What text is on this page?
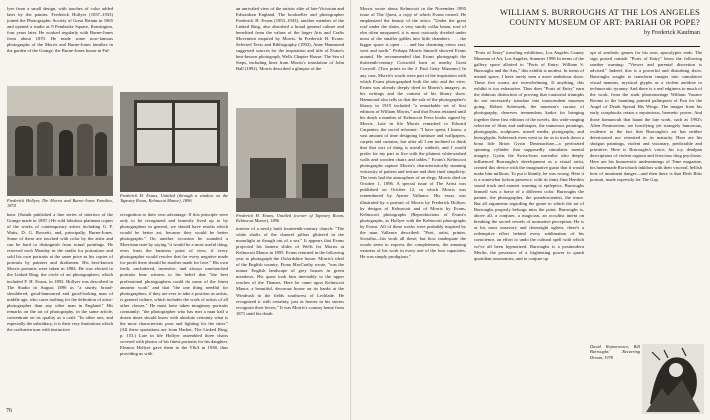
lyer from a small design, with touches of color added later by the painter. Frederick Hollyer (1837–1933) joined the Photographic Society of Great Britain in 1865 and opened a studio at 9 Pembroke Square, Kensington, four years later. He worked regularly with Burne-Jones from about 1870. He made some now-famous photographs of the Morris and Burne-Jones families in the garden of the Grange, the Burne-Jones house in Ful-

Frederick Hollyer, The Morris and Burne-Jones Families, 1874

ham. (Sutnik published a fine series of interiors of the Grange made in 1887.) He sold fabulous platinum copies of the works of contemporary artists including G. F. Watts, D. G. Rossetti, and, principally, Burne-Jones. Some of these are touched with color by the artist and can be hard to distinguish from actual paintings. He reserved each Monday in the studio for portraiture and sold his own portraits at the same price as his copies of portraits by painters and draftsmen. His best-known Morris portraits were taken in 1884. He was elected to the Linked Ring, the circle of art photographers, which included F. H. Evans, in 1892. Hollyer was described in The Studio in August 1896 as "a sturdy, broad-shouldered, good-humoured and good-looking man of middle age, who cares nothing for the definition of artist-photographer than any other man in England." His remarks on the art of photography, in the same article, concentrate on its quality as a craft: "In other arts, and especially the subsidiary, it is their very limitations which the craftsmen turn with instinctive

Frederick H. Evans, Untitled (through a window on the Tapestry Room, Kelmscott Manor), 1896

recognition to their own advantage. If this principle were only to be recognized and honestly lived up to by photographers in general, we should have results which would be better art, because they would be better photographs." On another occasion he sounded a Morrisian note by saying "it would be a most useful thing, even from the business point of view, if every photographer would resolve that for every negative made for profit there should be another made for love." His own fresh, uncluttered, inventive, and always unretouched portraits bear witness to his belief that "the best professional photographers could do some of the finest amateur work" and that "the one thing needful for photographers, if they are ever to take a position as artists, is general culture, which includes the work of artists of all other classes." He must have taken imaginary portraits constantly: "the photographer who has met a man half a dozen times should know with absolute certainty what is the most characteristic pose and lighting for the sitter." (All these quotations are from Harker, The Linked Ring, p. 153.) Late in life Hollyer assembled three chairs covered with photos of his finest portraits for his daughter. Eleanor Hollyer gave them to the V&A in 1938, thus providing us with

an unrivaled view of the artistic elite of late-Victorian and Edwardian England. The bookseller and photographer Frederick H. Evans (1853–1943), another member of the Linked Ring, also absorbed a broad general culture and benefited from the values of the larger Arts and Crafts Movement inspired by Morris. In Frederick H. Evans: Selected Texts and Bibliography (1992), Anne Hammond suggested sources for the inspiration and title of Evans's best-known photograph, Wells Chapter House: The Sea of Steps, including lines from Morris's translation of John Ball (1892). Morris described a glimpse of the

Frederick H. Evans, Untitled (corner of Tapestry Room, Kelmscott Manor), 1896

interior of a newly built fourteenth-century church: "The white shafts of the chancel pillars glittered in the moonlight as though out of a sea." It appears that Evans projected his lantern slides of Wells for Morris at Kelmscott Manor in 1895. Evans returned in the following year to photograph the Oxfordshire house. Morris's ideal of the English country, Fiona MacCarthy wrote, "was the manor English landscape of grey houses in green meadows. His quest took him inevitably to the upper reaches of the Thames. Here he came upon Kelmscott Manor, a beautiful, decorous house on its banks at the Windrush in the fields southwest of Lechlade. He recognized it with certainty, just as heroes in his stories recognize their lovers." It was Morris's country home from 1871 until his death.

76

Morris wrote about Kelmscott in the November 1895 issue of The Quest, a copy of which Evans owned. He emphasized the beauty of the attics: "Under the great roof under the slates, a very sturdy collar beam, roof of elm often unsquared, it is most curiously divided under most of the smaller gables into little chambers . . . the bigger space is open . . . and has charming views east, west and north." Perhaps Morris himself showed Evans around. He recommended that Evans photograph the thirteenth-century Cotswold barn at nearby Great Coxwell. (Two prints in the J. Paul Getty Museum.) In any case, Morris's words were part of the inspiration with which Evans photographed both the attic and the view. Evans was already deeply dyed in Morris's imagery, as his writings and the content of his library show. Hammond also tells us that the sale of the photographer's library in 1919 included "a remarkable set of first editions of William Morris," and that Evans retained until his death a number of Kelmscott Press books signed by Morris. Late in life Morris remarked to Edward Carpenter, the social reformer: "I have spent, I know, a vast amount of time designing furniture and wallpapers, carpets and curtains; but after all I am inclined to think that that sort of thing is mostly rubbish, and I would prefer for my part to live with the plainest whitewashed walls and wooden chairs and tables." Evans's Kelmscott photographs capture Morris's characteristically stunning virtuosity of pattern and texture and their final simplicity. The texts had the atmosphere of an elegy. Morris died on October 1, 1896. A special issue of The Artist was published on October 12, in which Morris was remembered by Aymer Vallance. His essay was illustrated by a portrait of Morris by Frederick Hollyer, by designs of Kelmscott and of Morris by Evans, Kelmscott photographs (Reproductions of Evans's photographs, as Hollyer with the Kelmscott photographs by Evans. All of these works were probably inspired by the man Vallance described: "Poet, artist, printer, Socialist—his work all these; but how inadequate the words seem to express the completeness, the amazing vastness of his work in every one of the four capacities. He was simply prodigious."

WILLIAM S. BURROUGHS AT THE LOS ANGELES COUNTY MUSEUM OF ART: PARIAH OR POPE?
by Frederick Kaufman

"Ports of Entry" traveling exhibition, Los Angeles County Museum of Art, Los Angeles, Summer 1996 In terms of the gallery space allotted to "Ports of Entry: William S. Burroughs and the Arts," this exhibit is modest. In terms of mental space, I have rarely seen a more ambitious show. These five rooms are overwhelming. If anything, this exhibit is too exhaustive. Thus does "Ports of Entry" earn the dubious distinction of proving that curatorial triumphs do not necessarily translate into transcendent museum going. Robert Sobieszek, the museum's curator of photography, deserves tremendous kudos for bringing together these first editions of the novels, this wide-ranging selection of films and audiotapes, the numerous paintings, photographs, sculptures, mixed media, pictographs, and hieroglyphs. Sobieszek even went so far as to track down a bona fide Brion Gysin Dreamachine—a perforated spinning cylinder that supposedly stimulates mental imagery. Gysin, the Swiss-born surrealist who deeply influenced Burroughs's development as a visual artist, created this device with the imaginative gusto that it would make him millions. To put it bluntly, he was wrong. Here it is a somewhat forlorn presence, with its tinny Jimi Hendrix sound track and earnest warning to epileptics. Burroughs himself was a horse of a different color. Burroughs the painter, the photographer, the pseudoscientist, the muse. But all arguments regarding the genre to which the art of Burroughs properly belongs miss the point. Burroughs is, above all, a conjurer, a magician, an occultist intent on breaking the sacred vessels of normative perception. He is at his most unsavory and downright ugliest, there's a redemptive effort behind every sublimation of his conscience, an effort to undo the cultural spell with which we've all been hypnotized. Burroughs is a postmodern Merlin, the possessor of a frightening power to quash quotidian taxonomies, and to conjure up

opt of aesthetic genres for his own, apocalyptic ends. The sign posted outside "Ports of Entry" bears the following somber warning: "Viewer and parental discretion is advised." Indeed, this is a powerful and disturbing show. Burroughs sought to transform images into cumulative visual mantras, mystical glyphs as a violent antidote to technocratic tyranny. And there is a real edginess to much of the work, from the stark photomontage William Vaxaire Rooms to the haunting painted palimpsest of Fun for the Angel of Death Spread His Wings. The images from his early scrapbooks retain a mysterious, hermetic power. And those homunculi that haunt the late work, such as 1992's Alien Postmortem, are horrifying yet strangely humorous, evidence to the fact that Burroughs's art has neither deteriorated nor retreated in its maturity. Here are his shotgun paintings, violent and visionary, predictable and primitive. Here is Burroughs's voice, his icy, deadpan descriptions of violent orgasm and ferocious drug psychosis. Here are his homoerotic underminings of Time magazine, his homemade Rorschach inkblots with their visceral, hellish host of imminent danger—and then there is that Herb Ritts portrait, made expressly for The Gap.

David Wojnarowicz, Bill Burroughs' Recurring Dream, 1978
